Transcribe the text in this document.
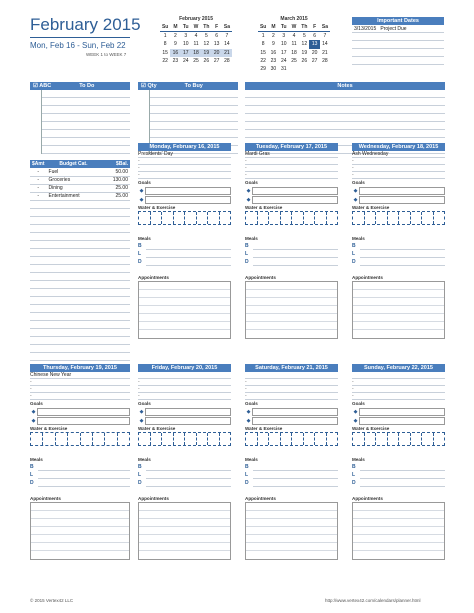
February 2015
Mon, Feb 16 - Sun, Feb 22
WEEK 1 to WEEK 7
February 2015
Su	M	Tu	W	Th	F	Sa
1	2	3	4	5	6	7
8	9	10	11	12	13	14
15	16	17	18	19	20	21
22	23	24	25	26	27	28
March 2015
Su	M	Tu	W	Th	F	Sa
1	2	3	4	5	6	7
8	9	10	11	12	13	14
15	16	17	18	19	20	21
22	23	24	25	26	27	28
29	30	31				
Important Dates
3/13/2015 Project Due
☑ ABC	To Do	☑ Qty	To Buy	Notes
$Amt	Budget Cat.	$Bal.
-	Fuel	50.00
-	Groceries	130.00
-	Dining	25.00
-	Entertainment	25.00
Monday, February 16, 2015
Presidents' Day
-
-
-
Goals
◆
◆
Water & Exercise
Meals
B
L
D
Appointments
Tuesday, February 17, 2015
Mardi Gras
-
-
-
Goals
◆
◆
Water & Exercise
Meals
B
L
D
Appointments
Wednesday, February 18, 2015
Ash Wednesday
-
-
-
Goals
◆
◆
Water & Exercise
Meals
B
L
D
Appointments
Thursday, February 19, 2015
Chinese New Year
-
-
-
Goals
◆
◆
Water & Exercise
Meals
B
L
D
Appointments
Friday, February 20, 2015
-
-
-
Goals
◆
◆
Water & Exercise
Meals
B
L
D
Appointments
Saturday, February 21, 2015
-
-
-
Goals
◆
◆
Water & Exercise
Meals
B
L
D
Appointments
Sunday, February 22, 2015
-
-
-
Goals
◆
◆
Water & Exercise
Meals
B
L
D
Appointments
© 2015 Vertex42 LLC	http://www.vertex42.com/calendars/planner.html
